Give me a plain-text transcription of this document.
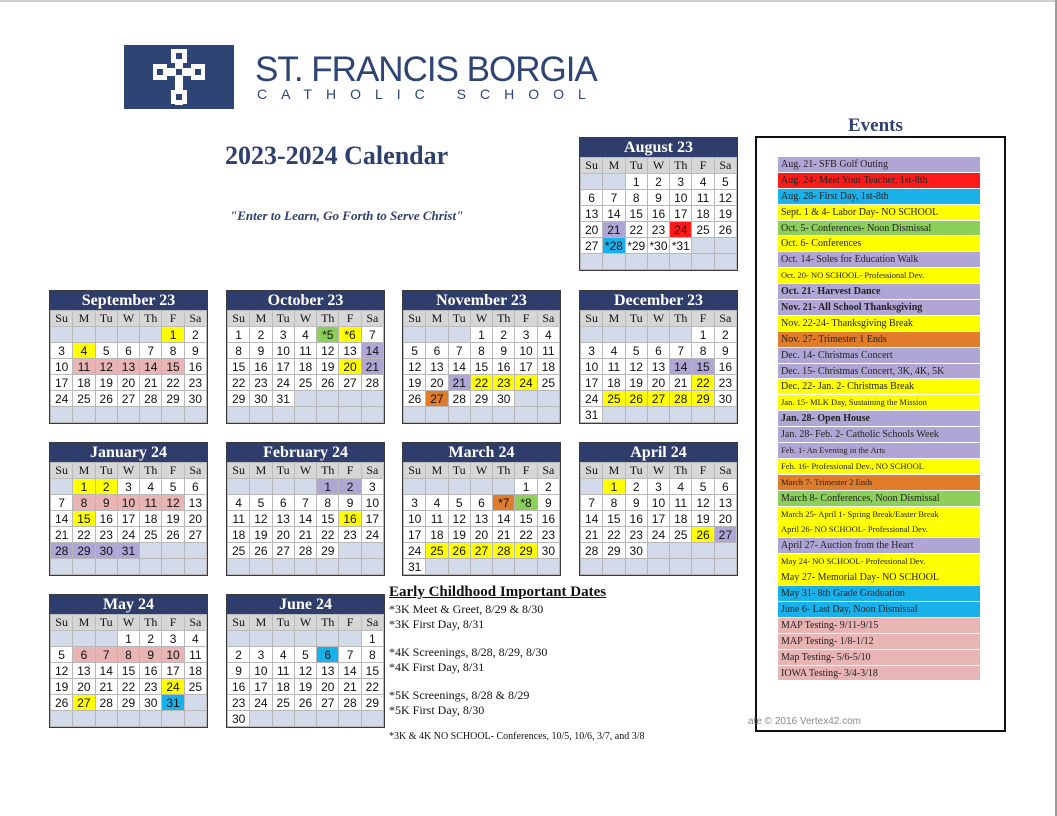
ST. FRANCIS BORGIA
CATHOLIC SCHOOL
2023-2024 Calendar
"Enter to Learn, Go Forth to Serve Christ"
August 23
Su	M	Tu	W	Th	F	Sa
		1	2	3	4	5
6	7	8	9	10	11	12
13	14	15	16	17	18	19
20	21	22	23	24	25	26
27	*28	*29	*30	*31		

September 23
Su	M	Tu	W	Th	F	Sa
					1	2
3	4	5	6	7	8	9
10	11	12	13	14	15	16
17	18	19	20	21	22	23
24	25	26	27	28	29	30

October 23
Su	M	Tu	W	Th	F	Sa
1	2	3	4	*5	*6	7
8	9	10	11	12	13	14
15	16	17	18	19	20	21
22	23	24	25	26	27	28
29	30	31				

November 23
Su	M	Tu	W	Th	F	Sa
			1	2	3	4
5	6	7	8	9	10	11
12	13	14	15	16	17	18
19	20	21	22	23	24	25
26	27	28	29	30		

December 23
Su	M	Tu	W	Th	F	Sa
					1	2
3	4	5	6	7	8	9
10	11	12	13	14	15	16
17	18	19	20	21	22	23
24	25	26	27	28	29	30
31						
January 24
Su	M	Tu	W	Th	F	Sa
	1	2	3	4	5	6
7	8	9	10	11	12	13
14	15	16	17	18	19	20
21	22	23	24	25	26	27
28	29	30	31			

February 24
Su	M	Tu	W	Th	F	Sa
				1	2	3
4	5	6	7	8	9	10
11	12	13	14	15	16	17
18	19	20	21	22	23	24
25	26	27	28	29		

March 24
Su	M	Tu	W	Th	F	Sa
					1	2
3	4	5	6	*7	*8	9
10	11	12	13	14	15	16
17	18	19	20	21	22	23
24	25	26	27	28	29	30
31						
April 24
Su	M	Tu	W	Th	F	Sa
	1	2	3	4	5	6
7	8	9	10	11	12	13
14	15	16	17	18	19	20
21	22	23	24	25	26	27
28	29	30				

May 24
Su	M	Tu	W	Th	F	Sa
			1	2	3	4
5	6	7	8	9	10	11
12	13	14	15	16	17	18
19	20	21	22	23	24	25
26	27	28	29	30	31	

June 24
Su	M	Tu	W	Th	F	Sa
						1
2	3	4	5	6	7	8
9	10	11	12	13	14	15
16	17	18	19	20	21	22
23	24	25	26	27	28	29
30						
Events
Aug. 21- SFB Golf Outing
Aug. 24- Meet Your Teacher, 1st-8th
Aug. 28- First Day, 1st-8th
Sept. 1 & 4- Labor Day- NO SCHOOL
Oct. 5- Conferences- Noon Dismissal
Oct. 6- Conferences
Oct. 14- Soles for Education Walk
Oct. 20- NO SCHOOL- Professional Dev.
Oct. 21- Harvest Dance
Nov. 21- All School Thanksgiving
Nov. 22-24- Thanksgiving Break
Nov. 27- Trimester 1 Ends
Dec. 14- Christmas Concert
Dec. 15- Christmas Concert, 3K, 4K, 5K
Dec. 22- Jan. 2- Christmas Break
Jan. 15- MLK Day, Sustaining the Mission
Jan. 28- Open House
Jan. 28- Feb. 2- Catholic Schools Week
Feb. 1- An Evening in the Arts
Feb. 16- Professional Dev., NO SCHOOL
March 7- Trimester 2 Ends
March 8- Conferences, Noon Dismissal
March 25- April 1- Spring Break/Easter Break
April 26- NO SCHOOL- Professional Dev.
April 27- Auction from the Heart
May 24- NO SCHOOL- Professional Dev.
May 27- Memorial Day- NO SCHOOL
May 31- 8th Grade Graduation
June 6- Last Day, Noon Dismissal
MAP Testing- 9/11-9/15
MAP Testing- 1/8-1/12
Map Testing- 5/6-5/10
IOWA Testing- 3/4-3/18
ate © 2016 Vertex42.com
Early Childhood Important Dates
*3K Meet & Greet, 8/29 & 8/30
*3K First Day, 8/31
*4K Screenings, 8/28, 8/29, 8/30
*4K First Day, 8/31
*5K Screenings, 8/28 & 8/29
*5K First Day, 8/30
*3K & 4K NO SCHOOL- Conferences, 10/5, 10/6, 3/7, and 3/8
